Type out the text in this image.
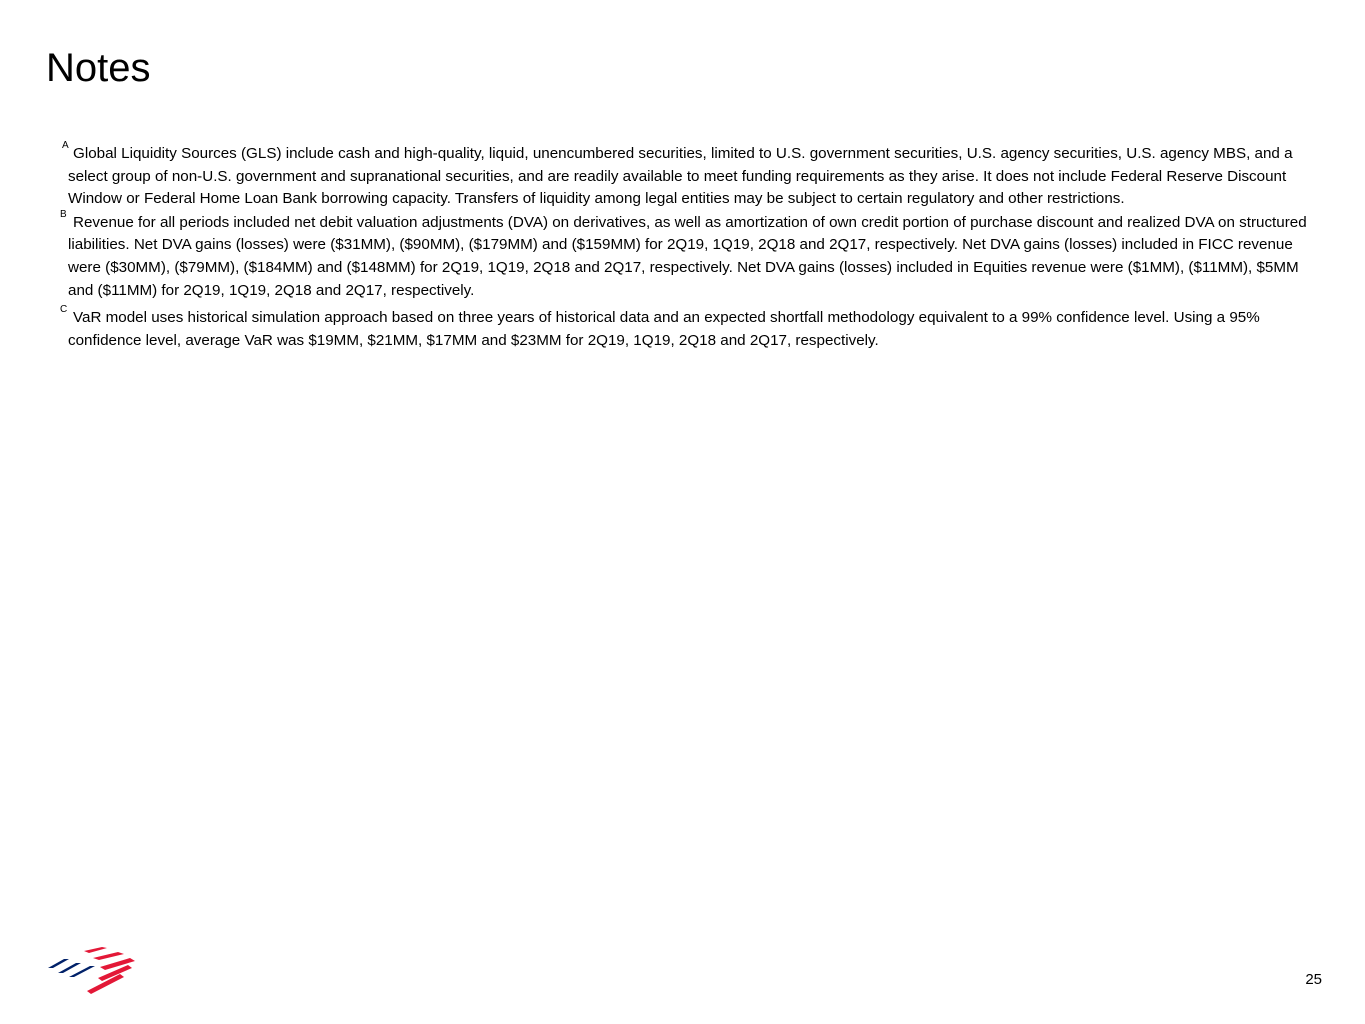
Notes
A Global Liquidity Sources (GLS) include cash and high-quality, liquid, unencumbered securities, limited to U.S. government securities, U.S. agency securities, U.S. agency MBS, and a select group of non-U.S. government and supranational securities, and are readily available to meet funding requirements as they arise. It does not include Federal Reserve Discount Window or Federal Home Loan Bank borrowing capacity. Transfers of liquidity among legal entities may be subject to certain regulatory and other restrictions.
B Revenue for all periods included net debit valuation adjustments (DVA) on derivatives, as well as amortization of own credit portion of purchase discount and realized DVA on structured liabilities. Net DVA gains (losses) were ($31MM), ($90MM), ($179MM) and ($159MM) for 2Q19, 1Q19, 2Q18 and 2Q17, respectively. Net DVA gains (losses) included in FICC revenue were ($30MM), ($79MM), ($184MM) and ($148MM) for 2Q19, 1Q19, 2Q18 and 2Q17, respectively. Net DVA gains (losses) included in Equities revenue were ($1MM), ($11MM), $5MM and ($11MM) for 2Q19, 1Q19, 2Q18 and 2Q17, respectively.
C VaR model uses historical simulation approach based on three years of historical data and an expected shortfall methodology equivalent to a 99% confidence level. Using a 95% confidence level, average VaR was $19MM, $21MM, $17MM and $23MM for 2Q19, 1Q19, 2Q18 and 2Q17, respectively.
25
